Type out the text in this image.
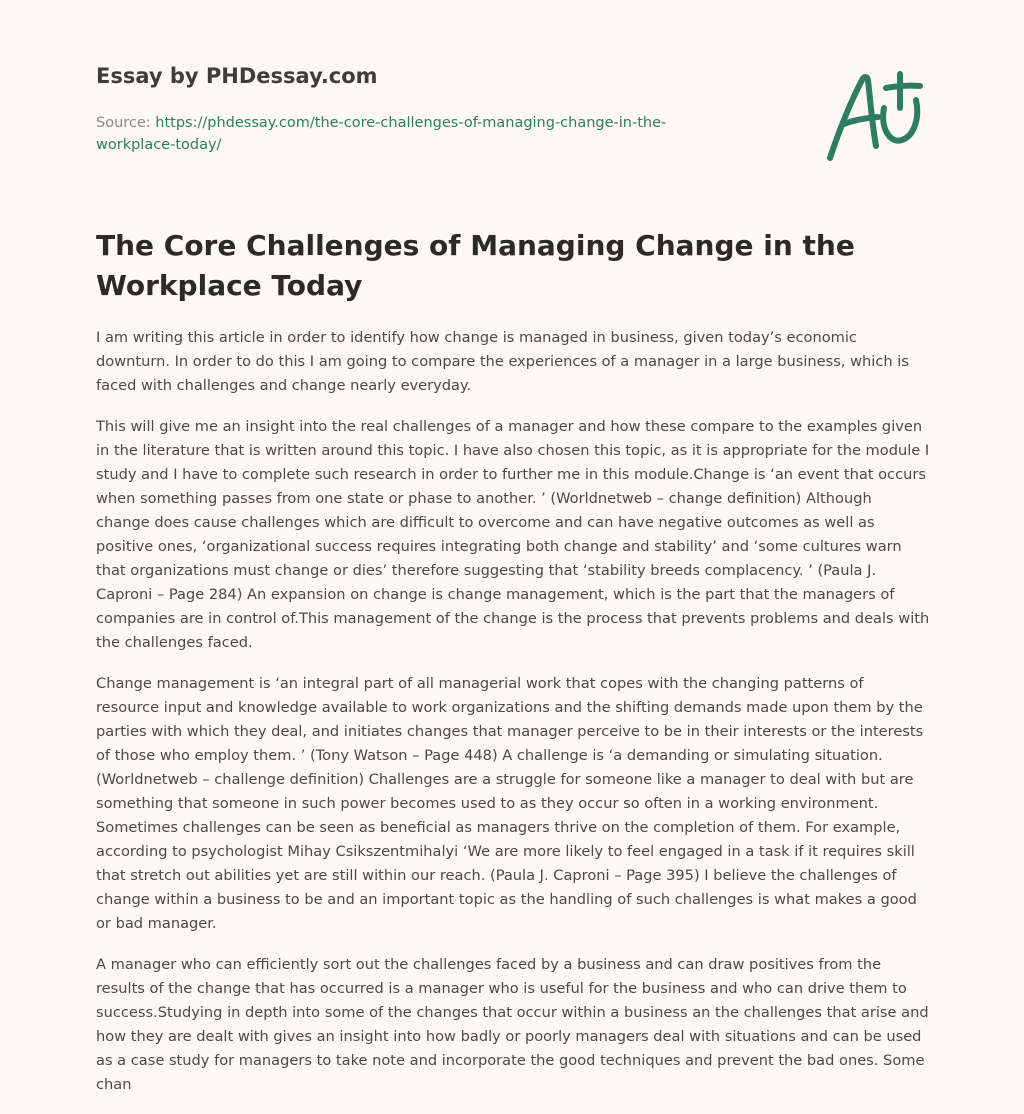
Essay by PHDessay.com
Source: https://phdessay.com/the-core-challenges-of-managing-change-in-the-workplace-today/
The Core Challenges of Managing Change in the Workplace Today

I am writing this article in order to identify how change is managed in business, given today’s economic downturn. In order to do this I am going to compare the experiences of a manager in a large business, which is faced with challenges and change nearly everyday.

This will give me an insight into the real challenges of a manager and how these compare to the examples given in the literature that is written around this topic. I have also chosen this topic, as it is appropriate for the module I study and I have to complete such research in order to further me in this module.Change is ‘an event that occurs when something passes from one state or phase to another. ’ (Worldnetweb – change definition) Although change does cause challenges which are difficult to overcome and can have negative outcomes as well as positive ones, ‘organizational success requires integrating both change and stability’ and ‘some cultures warn that organizations must change or dies’ therefore suggesting that ‘stability breeds complacency. ’ (Paula J. Caproni – Page 284) An expansion on change is change management, which is the part that the managers of companies are in control of.This management of the change is the process that prevents problems and deals with the challenges faced.

Change management is ‘an integral part of all managerial work that copes with the changing patterns of resource input and knowledge available to work organizations and the shifting demands made upon them by the parties with which they deal, and initiates changes that manager perceive to be in their interests or the interests of those who employ them. ’ (Tony Watson – Page 448) A challenge is ‘a demanding or simulating situation. (Worldnetweb – challenge definition) Challenges are a struggle for someone like a manager to deal with but are something that someone in such power becomes used to as they occur so often in a working environment. Sometimes challenges can be seen as beneficial as managers thrive on the completion of them. For example, according to psychologist Mihay Csikszentmihalyi ‘We are more likely to feel engaged in a task if it requires skill that stretch out abilities yet are still within our reach. (Paula J. Caproni – Page 395) I believe the challenges of change within a business to be and an important topic as the handling of such challenges is what makes a good or bad manager.

A manager who can efficiently sort out the challenges faced by a business and can draw positives from the results of the change that has occurred is a manager who is useful for the business and who can drive them to success.Studying in depth into some of the changes that occur within a business an the challenges that arise and how they are dealt with gives an insight into how badly or poorly managers deal with situations and can be used as a case study for managers to take note and incorporate the good techniques and prevent the bad ones. Some chan
